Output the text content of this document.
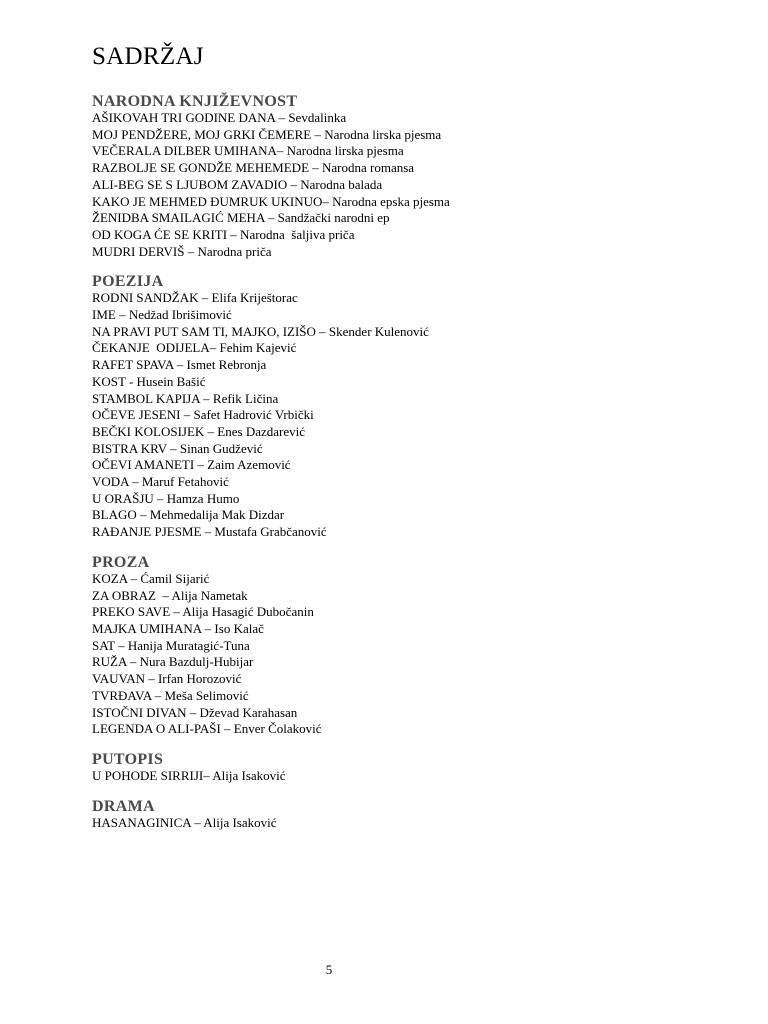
SADRŽAJ
NARODNA KNJIŽEVNOST
AŠIKOVAH TRI GODINE DANA – Sevdalinka
MOJ PENDŽERE, MOJ GRKI ČEMERE – Narodna lirska pjesma
VEČERALA DILBER UMIHANA– Narodna lirska pjesma
RAZBOLJE SE GONDŽE MEHEMEDE – Narodna romansa
ALI-BEG SE S LJUBOM ZAVADIO – Narodna balada
KAKO JE MEHMED ĐUMRUK UKINUO– Narodna epska pjesma
ŽENIDBA SMAILAGIĆ MEHA – Sandžački narodni ep
OD KOGA ĆE SE KRITI – Narodna  šaljiva priča
MUDRI DERVIŠ – Narodna priča
POEZIJA
RODNI SANDŽAK – Elifa Kriještorac
IME – Nedžad Ibrišimović
NA PRAVI PUT SAM TI, MAJKO, IZIŠO – Skender Kulenović
ČEKANJE  ODIJELA– Fehim Kajević
RAFET SPAVA – Ismet Rebronja
KOST - Husein Bašić
STAMBOL KAPIJA – Refik Ličina
OČEVE JESENI – Safet Hadrović Vrbički
BEČKI KOLOSIJEK – Enes Dazdarević
BISTRA KRV – Sinan Gudžević
OČEVI AMANETI – Zaim Azemović
VODA – Maruf Fetahović
U ORAŠJU – Hamza Humo
BLAGO – Mehmedalija Mak Dizdar
RAĐANJE PJESME – Mustafa Grabčanović
PROZA
KOZA – Ćamil Sijarić
ZA OBRAZ  – Alija Nametak
PREKO SAVE – Alija Hasagić Dubočanin
MAJKA UMIHANA – Iso Kalač
SAT – Hanija Muratagić-Tuna
RUŽA – Nura Bazdulj-Hubijar
VAUVAN – Irfan Horozović
TVRĐAVA – Meša Selimović
ISTOČNI DIVAN – Dževad Karahasan
LEGENDA O ALI-PAŠI – Enver Čolaković
PUTOPIS
U POHODE SIRRIJI– Alija Isaković
DRAMA
HASANAGINICA – Alija Isaković
5
